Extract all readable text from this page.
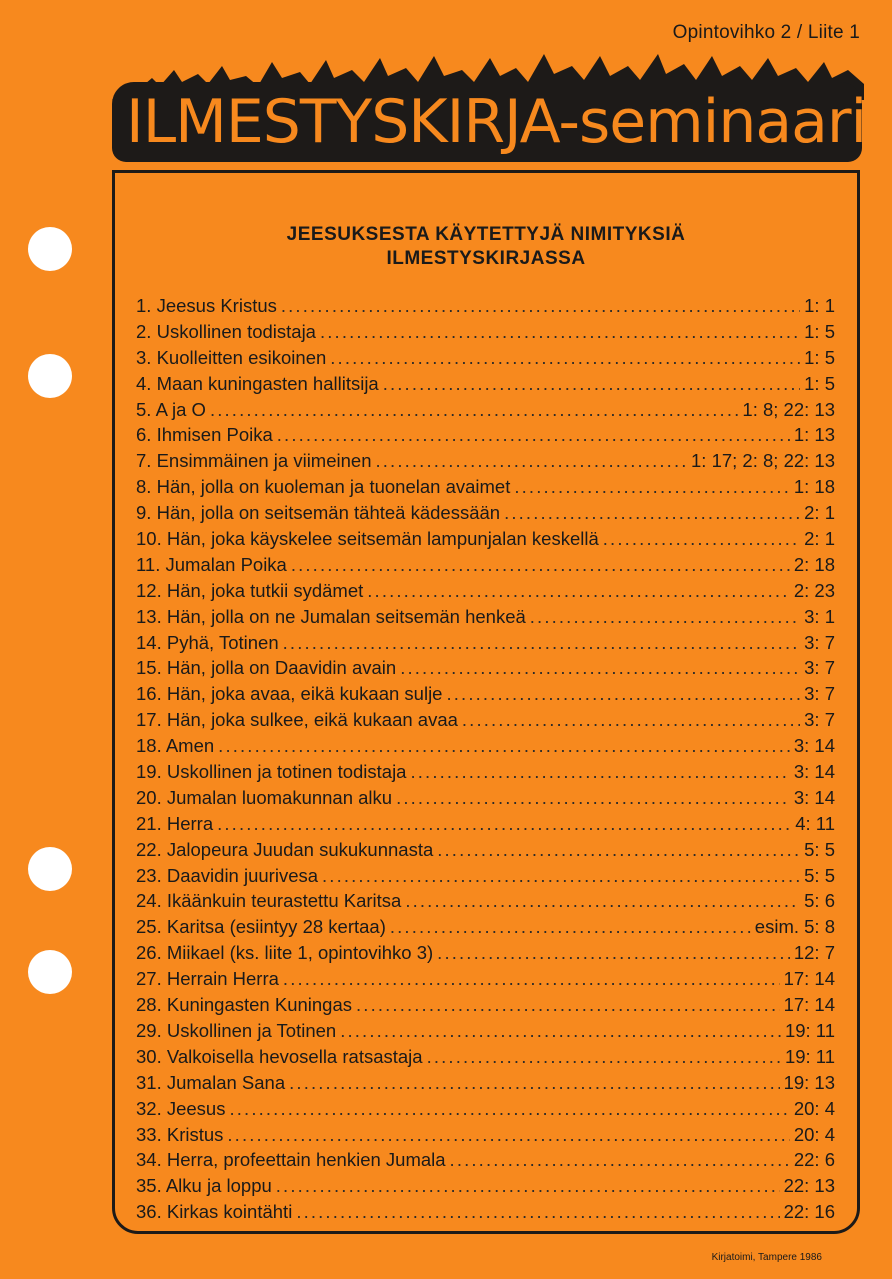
Opintovihko 2 / Liite 1
ILMESTYSKIRJA-seminaari
JEESUKSESTA KÄYTETTYJÄ NIMITYKSIÄ
ILMESTYSKIRJASSA
1. Jeesus Kristus . . .	1: 1
2. Uskollinen todistaja . . .	1: 5
3. Kuolleitten esikoinen . . .	1: 5
4. Maan kuningasten hallitsija . . .	1: 5
5. A ja O . . .	1: 8; 22: 13
6. Ihmisen Poika . . .	1: 13
7. Ensimmäinen ja viimeinen . . .	1: 17; 2: 8; 22: 13
8. Hän, jolla on kuoleman ja tuonelan avaimet . . .	1: 18
9. Hän, jolla on seitsemän tähteä kädessään . . .	2: 1
10. Hän, joka käyskelee seitsemän lampunjalan keskellä . . .	2: 1
11. Jumalan Poika . . .	2: 18
12. Hän, joka tutkii sydämet . . .	2: 23
13. Hän, jolla on ne Jumalan seitsemän henkeä . . .	3: 1
14. Pyhä, Totinen . . .	3: 7
15. Hän, jolla on Daavidin avain . . .	3: 7
16. Hän, joka avaa, eikä kukaan sulje . . .	3: 7
17. Hän, joka sulkee, eikä kukaan avaa . . .	3: 7
18. Amen . . .	3: 14
19. Uskollinen ja totinen todistaja . . .	3: 14
20. Jumalan luomakunnan alku . . .	3: 14
21. Herra . . .	4: 11
22. Jalopeura Juudan sukukunnasta . . .	5: 5
23. Daavidin juurivesa . . .	5: 5
24. Ikäänkuin teurastettu Karitsa . . .	5: 6
25. Karitsa (esiintyy 28 kertaa) . . .	esim. 5: 8
26. Miikael (ks. liite 1, opintovihko 3) . . .	12: 7
27. Herrain Herra . . .	17: 14
28. Kuningasten Kuningas . . .	17: 14
29. Uskollinen ja Totinen . . .	19: 11
30. Valkoisella hevosella ratsastaja . . .	19: 11
31. Jumalan Sana . . .	19: 13
32. Jeesus . . .	20: 4
33. Kristus . . .	20: 4
34. Herra, profeettain henkien Jumala . . .	22: 6
35. Alku ja loppu . . .	22: 13
36. Kirkas kointähti . . .	22: 16
Kirjatoimi, Tampere 1986
